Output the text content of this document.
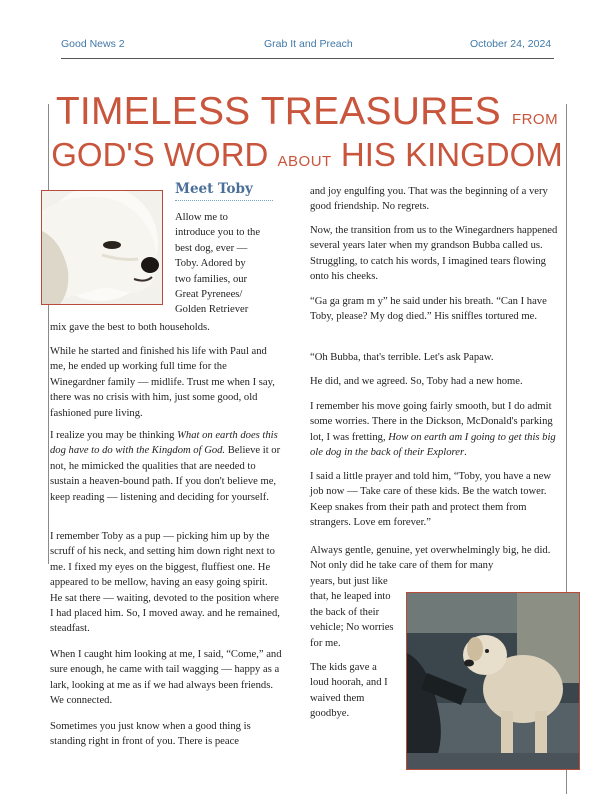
Good News 2	Grab It and Preach	October 24, 2024
TIMELESS TREASURES FROM
GOD'S WORD ABOUT HIS KINGDOM
Meet Toby

Allow me to introduce you to the best dog, ever — Toby. Adored by two families, our Great Pyrenees/ Golden Retriever

mix gave the best to both households.

While he started and finished his life with Paul and me, he ended up working full time for the Winegardner family — midlife. Trust me when I say, there was no crisis with him, just some good, old fashioned pure living.

I realize you may be thinking What on earth does this dog have to do with the Kingdom of God. Believe it or not, he mimicked the qualities that are needed to sustain a heaven-bound path. If you don't believe me, keep reading — listening and deciding for yourself.

I remember Toby as a pup — picking him up by the scruff of his neck, and setting him down right next to me. I fixed my eyes on the biggest, fluffiest one. He appeared to be mellow, having an easy going spirit. He sat there — waiting, devoted to the position where I had placed him. So, I moved away. and he remained, steadfast.

When I caught him looking at me, I said, “Come,” and sure enough, he came with tail wagging — happy as a lark, looking at me as if we had always been friends. We connected.

Sometimes you just know when a good thing is standing right in front of you. There is peace

and joy engulfing you. That was the beginning of a very good friendship. No regrets.

Now, the transition from us to the Winegardners happened several years later when my grandson Bubba called us. Struggling, to catch his words, I imagined tears flowing onto his cheeks.

“Ga ga gram m y” he said under his breath. “Can I have Toby, please? My dog died.” His sniffles tortured me.

“Oh Bubba, that's terrible. Let's ask Papaw.

He did, and we agreed. So, Toby had a new home.

I remember his move going fairly smooth, but I do admit some worries. There in the Dickson, McDonald's parking lot, I was fretting, How on earth am I going to get this big ole dog in the back of their Explorer.

I said a little prayer and told him, “Toby, you have a new job now — Take care of these kids. Be the watch tower. Keep snakes from their path and protect them from strangers. Love em forever.”

Always gentle, genuine, yet overwhelmingly big, he did. Not only did he take care of them for many

years, but just like that, he leaped into the back of their vehicle; No worries for me.

The kids gave a loud hoorah, and I waived them goodbye.
